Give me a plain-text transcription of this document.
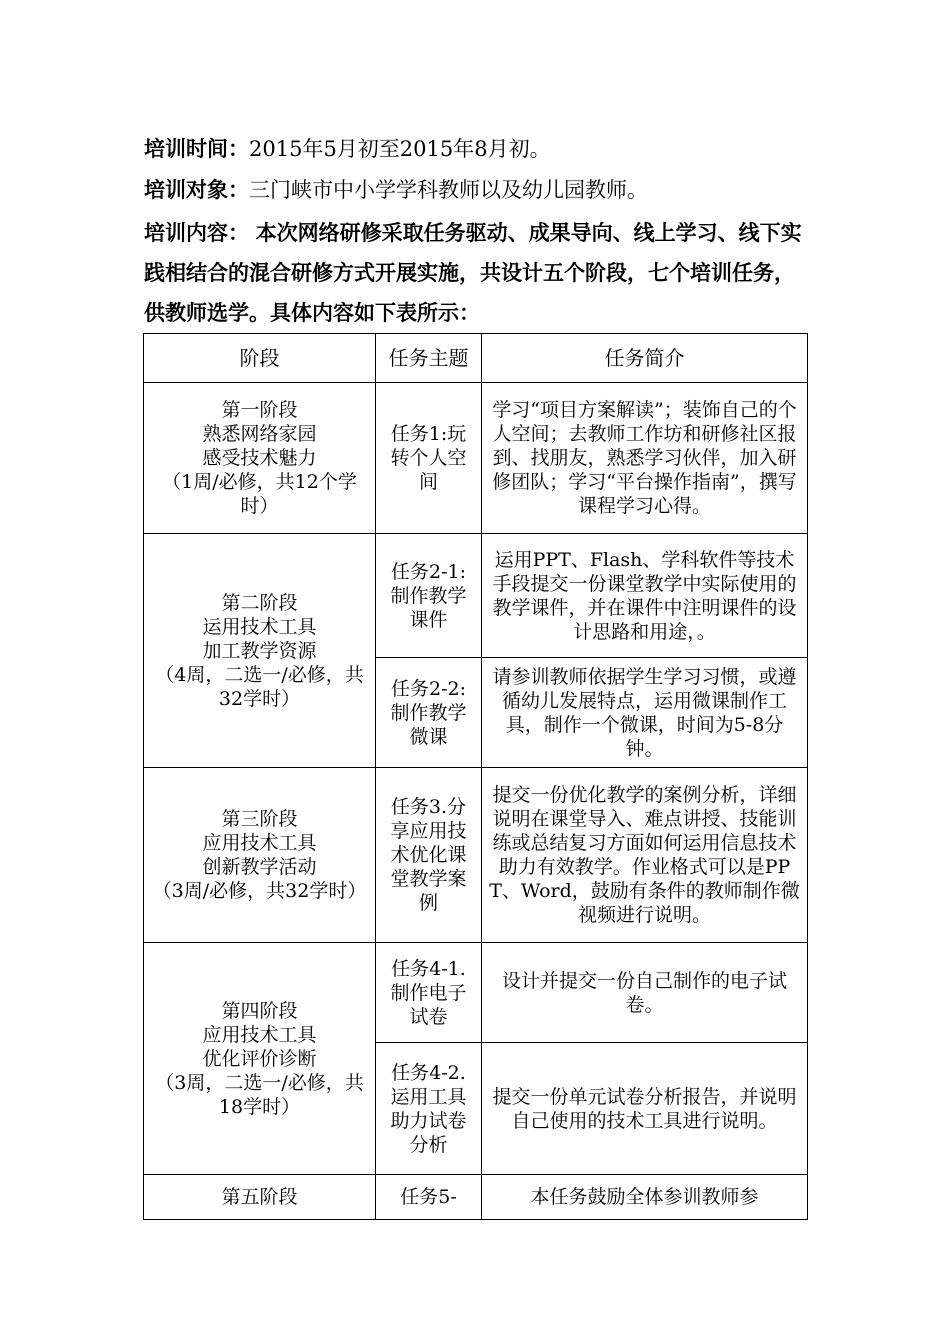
培训时间：2015年5月初至2015年8月初。

培训对象：三门峡市中小学学科教师以及幼儿园教师。

培训内容： 本次网络研修采取任务驱动、成果导向、线上学习、线下实践相结合的混合研修方式开展实施，共设计五个阶段，七个培训任务，供教师选学。具体内容如下表所示：

阶段	任务主题	任务简介

第一阶段
熟悉网络家园
感受技术魅力
（1周/必修，共12个学时）	任务1:玩转个人空间	学习“项目方案解读”；装饰自己的个人空间；去教师工作坊和研修社区报到、找朋友，熟悉学习伙伴，加入研修团队；学习“平台操作指南”，撰写课程学习心得。

第二阶段
运用技术工具
加工教学资源
（4周，二选一/必修，共32学时）	任务2-1: 制作教学课件	运用PPT、Flash、学科软件等技术手段提交一份课堂教学中实际使用的教学课件，并在课件中注明课件的设计思路和用途，。
	任务2-2: 制作教学微课	请参训教师依据学生学习习惯，或遵循幼儿发展特点，运用微课制作工具，制作一个微课，时间为5-8分钟。

第三阶段
应用技术工具
创新教学活动
（3周/必修，共32学时）	任务3.分享应用技术优化课堂教学案例	提交一份优化教学的案例分析，详细说明在课堂导入、难点讲授、技能训练或总结复习方面如何运用信息技术助力有效教学。作业格式可以是PPT、Word，鼓励有条件的教师制作微视频进行说明。

第四阶段
应用技术工具
优化评价诊断
（3周，二选一/必修，共18学时）	任务4-1.制作电子试卷	设计并提交一份自己制作的电子试卷。
	任务4-2.运用工具助力试卷分析	提交一份单元试卷分析报告，并说明自己使用的技术工具进行说明。

第五阶段	任务5-	本任务鼓励全体参训教师参
